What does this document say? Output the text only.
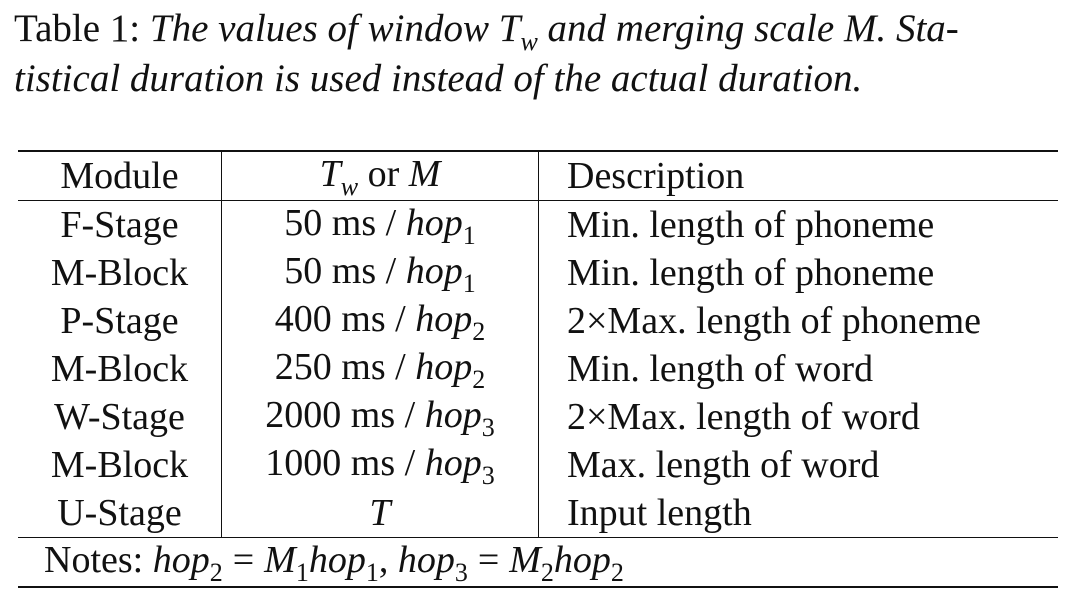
Table 1: The values of window $T_w$ and merging scale M. Sta-
tistical duration is used instead of the actual duration.
Module	$T_w$ or M	Description
F-Stage	50 ms / hop$_1$	Min. length of phoneme
M-Block	50 ms / hop$_1$	Min. length of phoneme
P-Stage	400 ms / hop$_2$	2×Max. length of phoneme
M-Block	250 ms / hop$_2$	Min. length of word
W-Stage	2000 ms / hop$_3$	2×Max. length of word
M-Block	1000 ms / hop$_3$	Max. length of word
U-Stage	T	Input length
Notes: $hop_2 = M_1hop_1$, $hop_3 = M_2hop_2$
